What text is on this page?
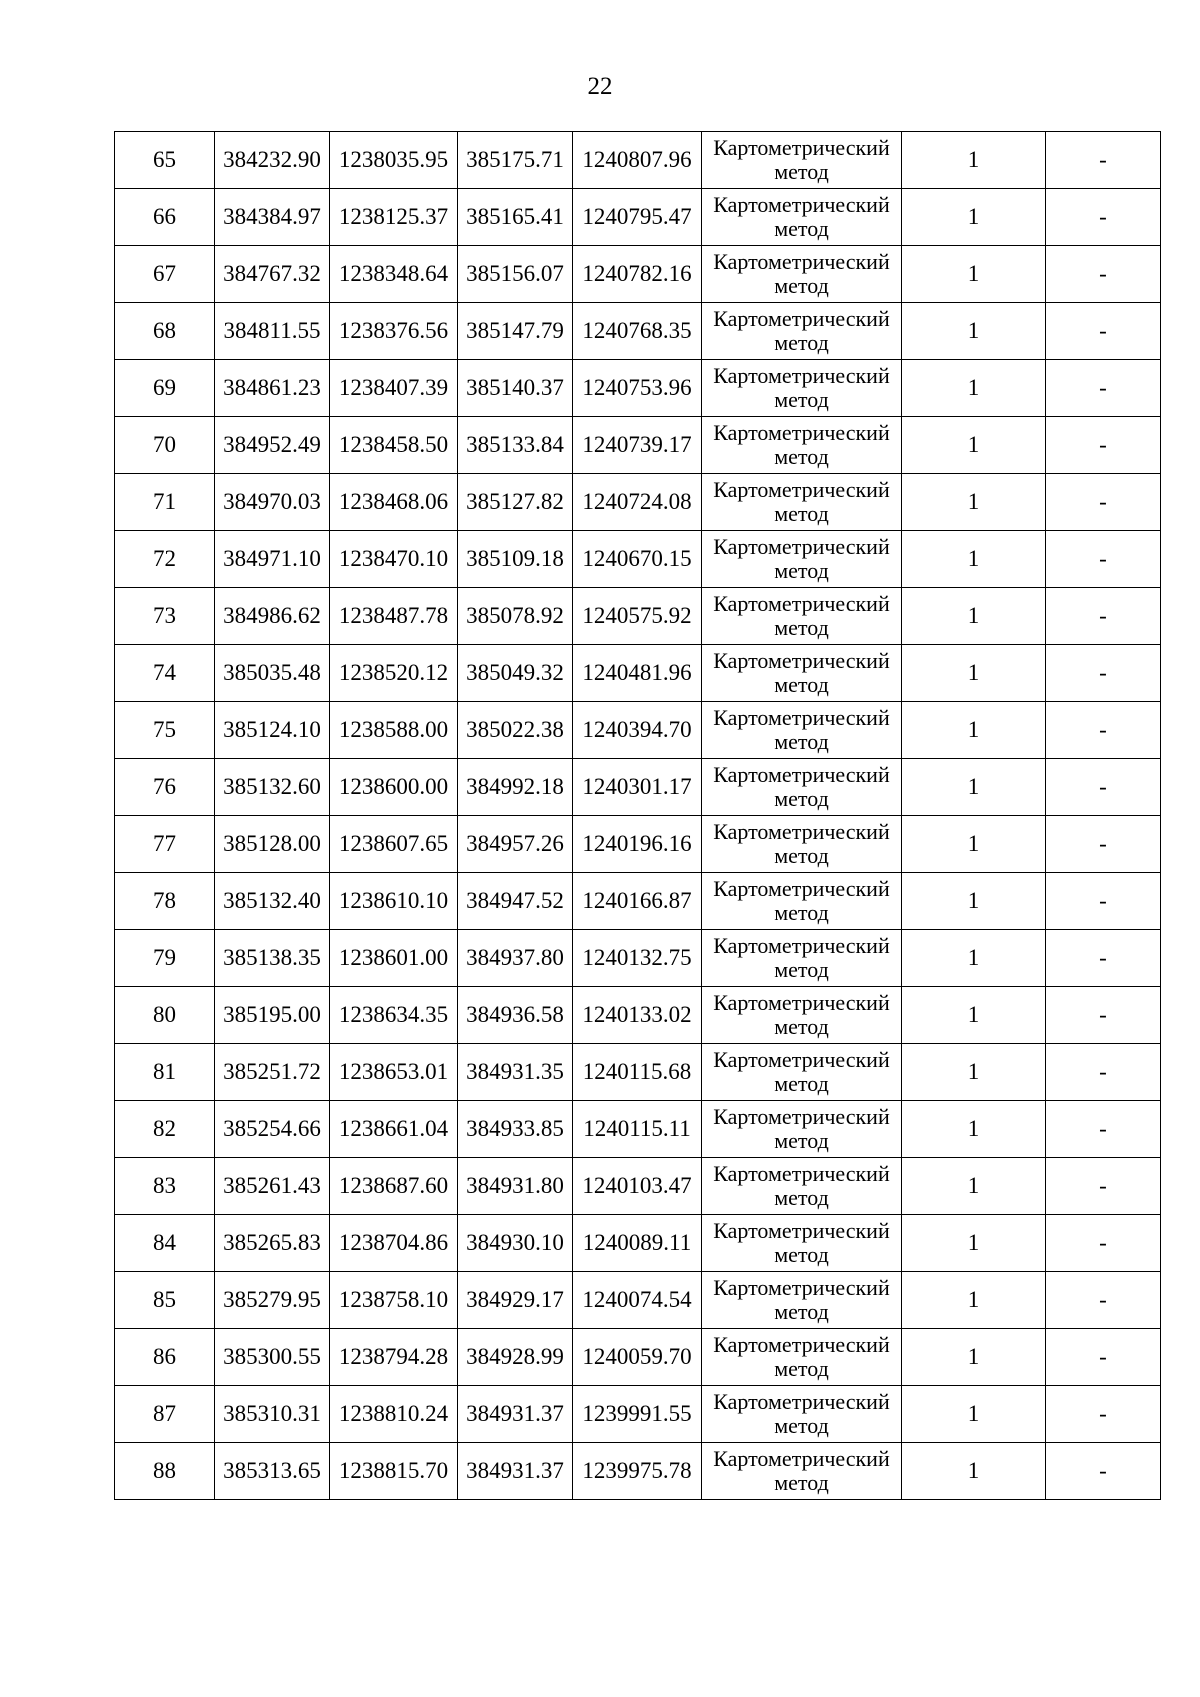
22
65	384232.90	1238035.95	385175.71	1240807.96	Картометрический
метод	1	-
66	384384.97	1238125.37	385165.41	1240795.47	Картометрический
метод	1	-
67	384767.32	1238348.64	385156.07	1240782.16	Картометрический
метод	1	-
68	384811.55	1238376.56	385147.79	1240768.35	Картометрический
метод	1	-
69	384861.23	1238407.39	385140.37	1240753.96	Картометрический
метод	1	-
70	384952.49	1238458.50	385133.84	1240739.17	Картометрический
метод	1	-
71	384970.03	1238468.06	385127.82	1240724.08	Картометрический
метод	1	-
72	384971.10	1238470.10	385109.18	1240670.15	Картометрический
метод	1	-
73	384986.62	1238487.78	385078.92	1240575.92	Картометрический
метод	1	-
74	385035.48	1238520.12	385049.32	1240481.96	Картометрический
метод	1	-
75	385124.10	1238588.00	385022.38	1240394.70	Картометрический
метод	1	-
76	385132.60	1238600.00	384992.18	1240301.17	Картометрический
метод	1	-
77	385128.00	1238607.65	384957.26	1240196.16	Картометрический
метод	1	-
78	385132.40	1238610.10	384947.52	1240166.87	Картометрический
метод	1	-
79	385138.35	1238601.00	384937.80	1240132.75	Картометрический
метод	1	-
80	385195.00	1238634.35	384936.58	1240133.02	Картометрический
метод	1	-
81	385251.72	1238653.01	384931.35	1240115.68	Картометрический
метод	1	-
82	385254.66	1238661.04	384933.85	1240115.11	Картометрический
метод	1	-
83	385261.43	1238687.60	384931.80	1240103.47	Картометрический
метод	1	-
84	385265.83	1238704.86	384930.10	1240089.11	Картометрический
метод	1	-
85	385279.95	1238758.10	384929.17	1240074.54	Картометрический
метод	1	-
86	385300.55	1238794.28	384928.99	1240059.70	Картометрический
метод	1	-
87	385310.31	1238810.24	384931.37	1239991.55	Картометрический
метод	1	-
88	385313.65	1238815.70	384931.37	1239975.78	Картометрический
метод	1	-
